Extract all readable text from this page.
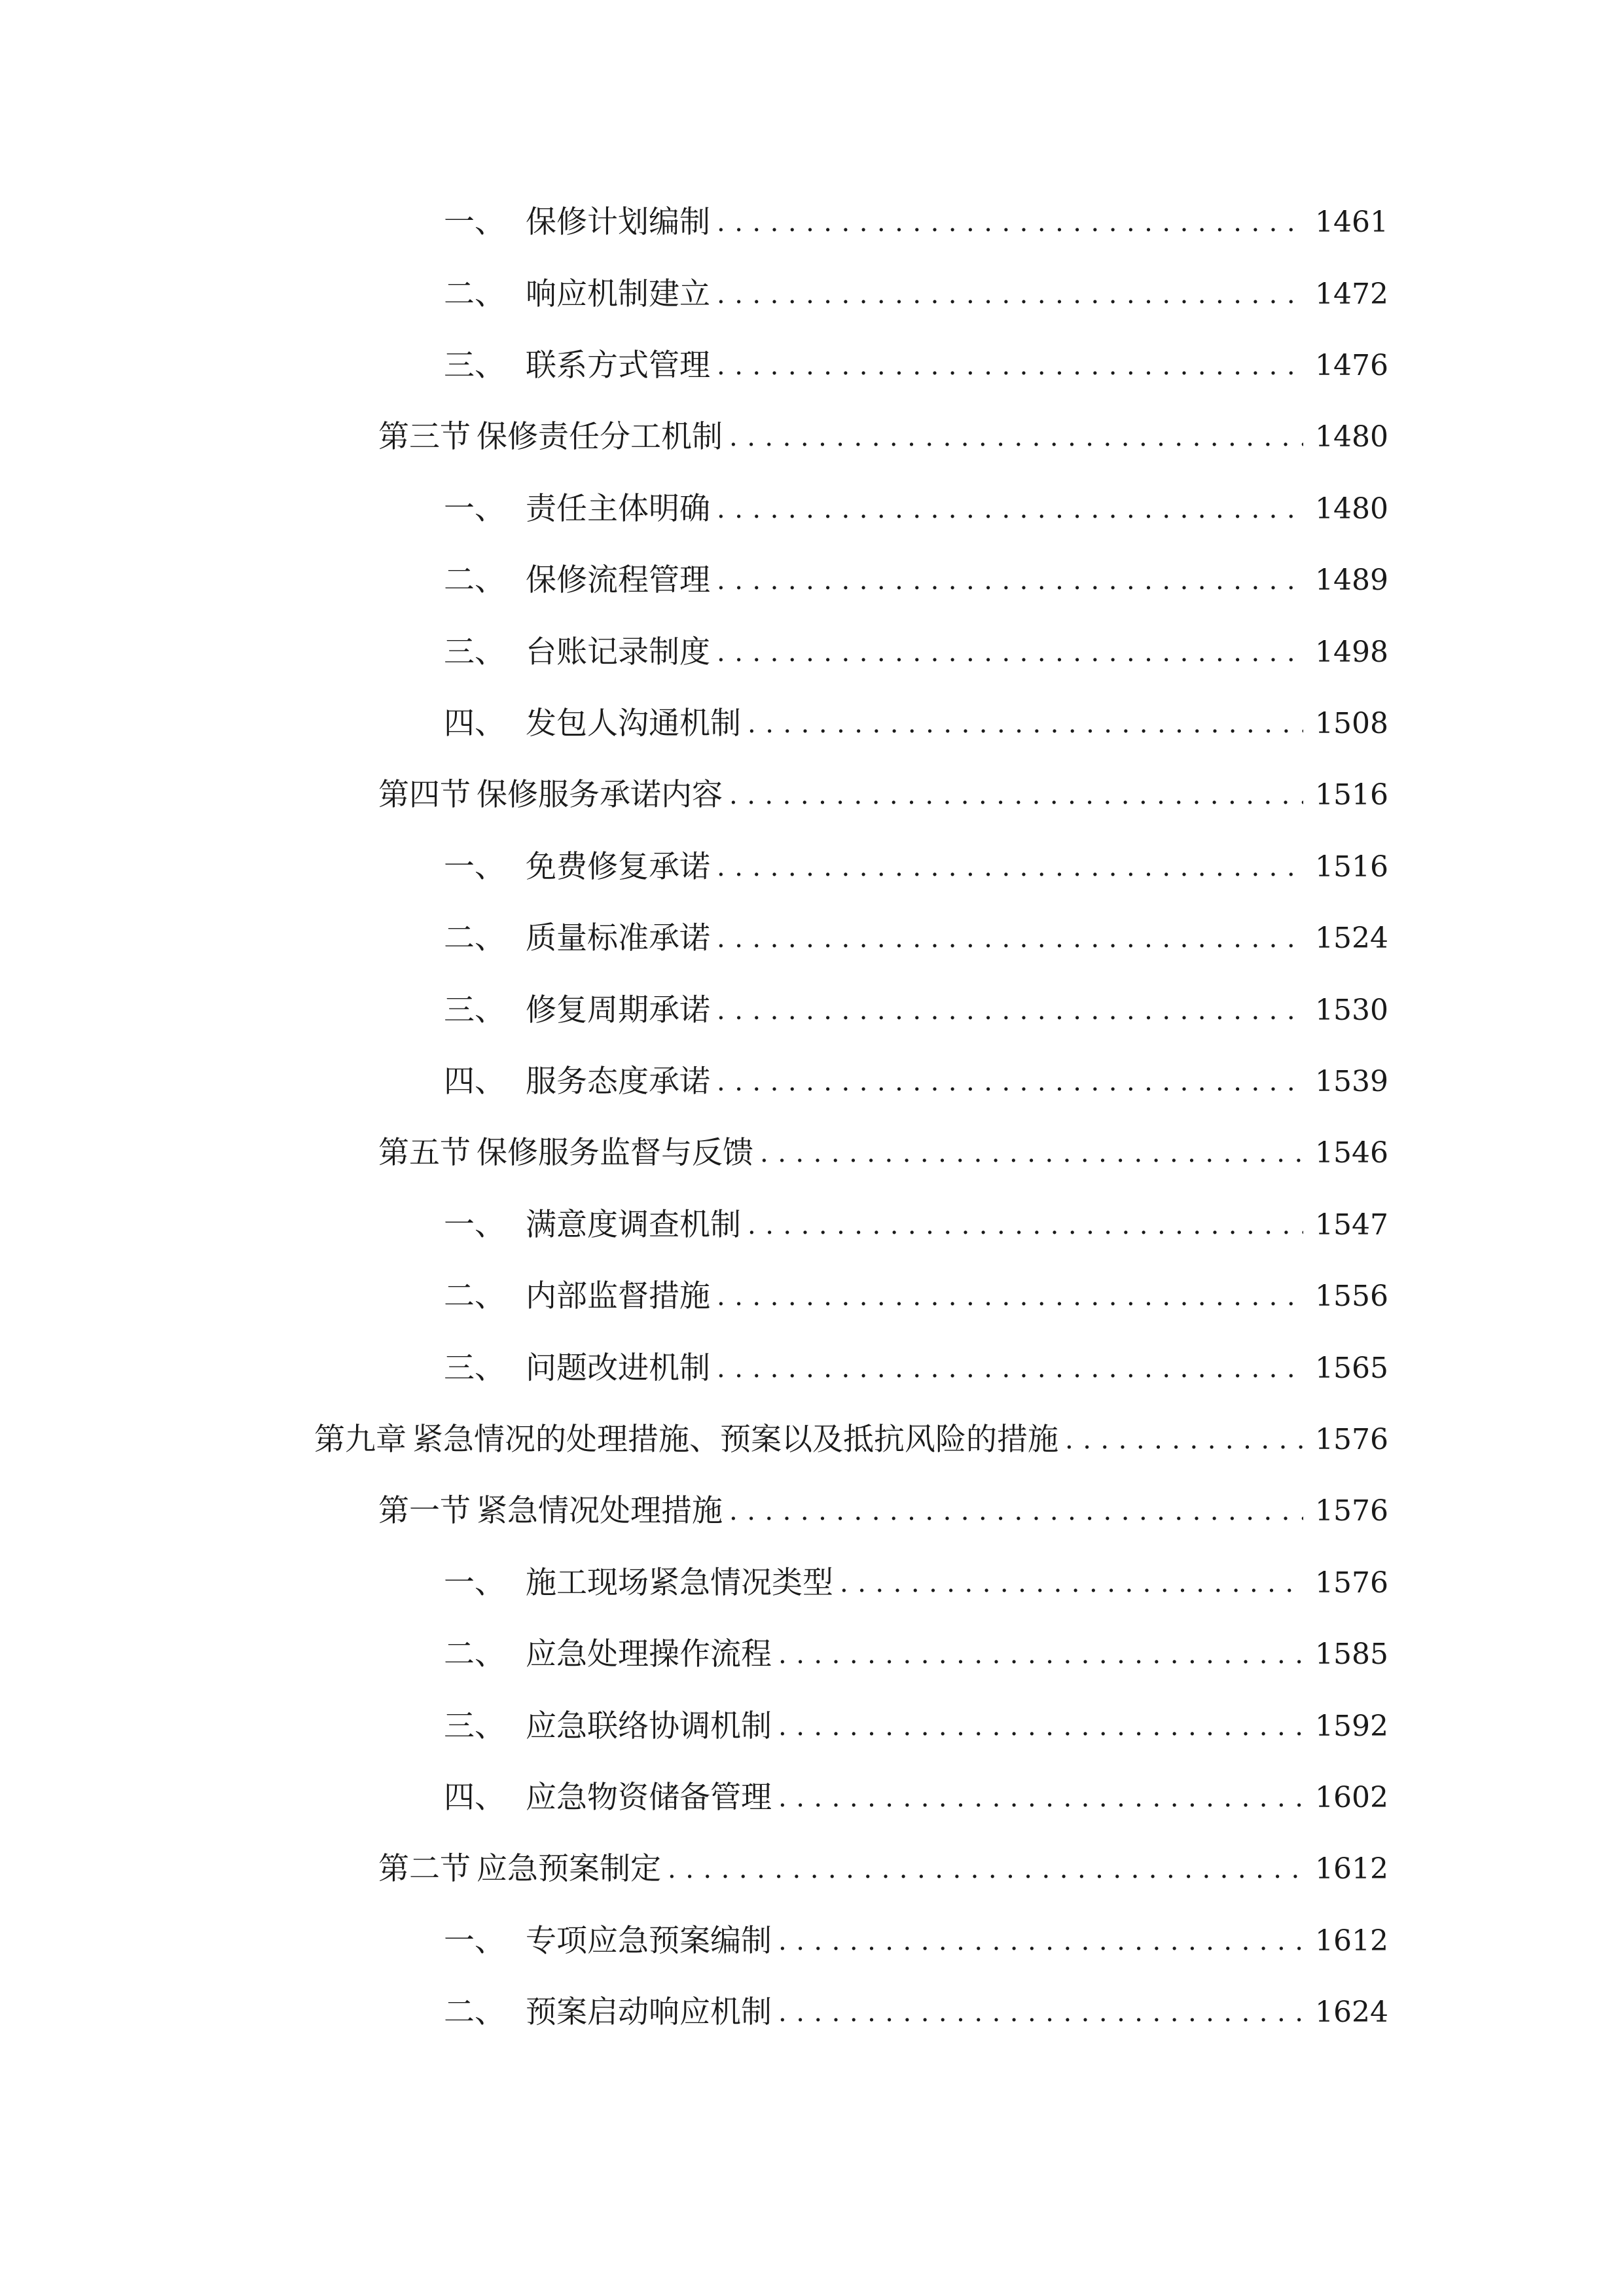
一、 保修计划编制 .....	1461
二、 响应机制建立 .....	1472
三、 联系方式管理 .....	1476
第三节 保修责任分工机制 .....	1480
一、 责任主体明确 .....	1480
二、 保修流程管理 .....	1489
三、 台账记录制度 .....	1498
四、 发包人沟通机制 .....	1508
第四节 保修服务承诺内容 .....	1516
一、 免费修复承诺 .....	1516
二、 质量标准承诺 .....	1524
三、 修复周期承诺 .....	1530
四、 服务态度承诺 .....	1539
第五节 保修服务监督与反馈 .....	1546
一、 满意度调查机制 .....	1547
二、 内部监督措施 .....	1556
三、 问题改进机制 .....	1565
第九章 紧急情况的处理措施、预案以及抵抗风险的措施 .....	1576
第一节 紧急情况处理措施 .....	1576
一、 施工现场紧急情况类型 .....	1576
二、 应急处理操作流程 .....	1585
三、 应急联络协调机制 .....	1592
四、 应急物资储备管理 .....	1602
第二节 应急预案制定 .....	1612
一、 专项应急预案编制 .....	1612
二、 预案启动响应机制 .....	1624
